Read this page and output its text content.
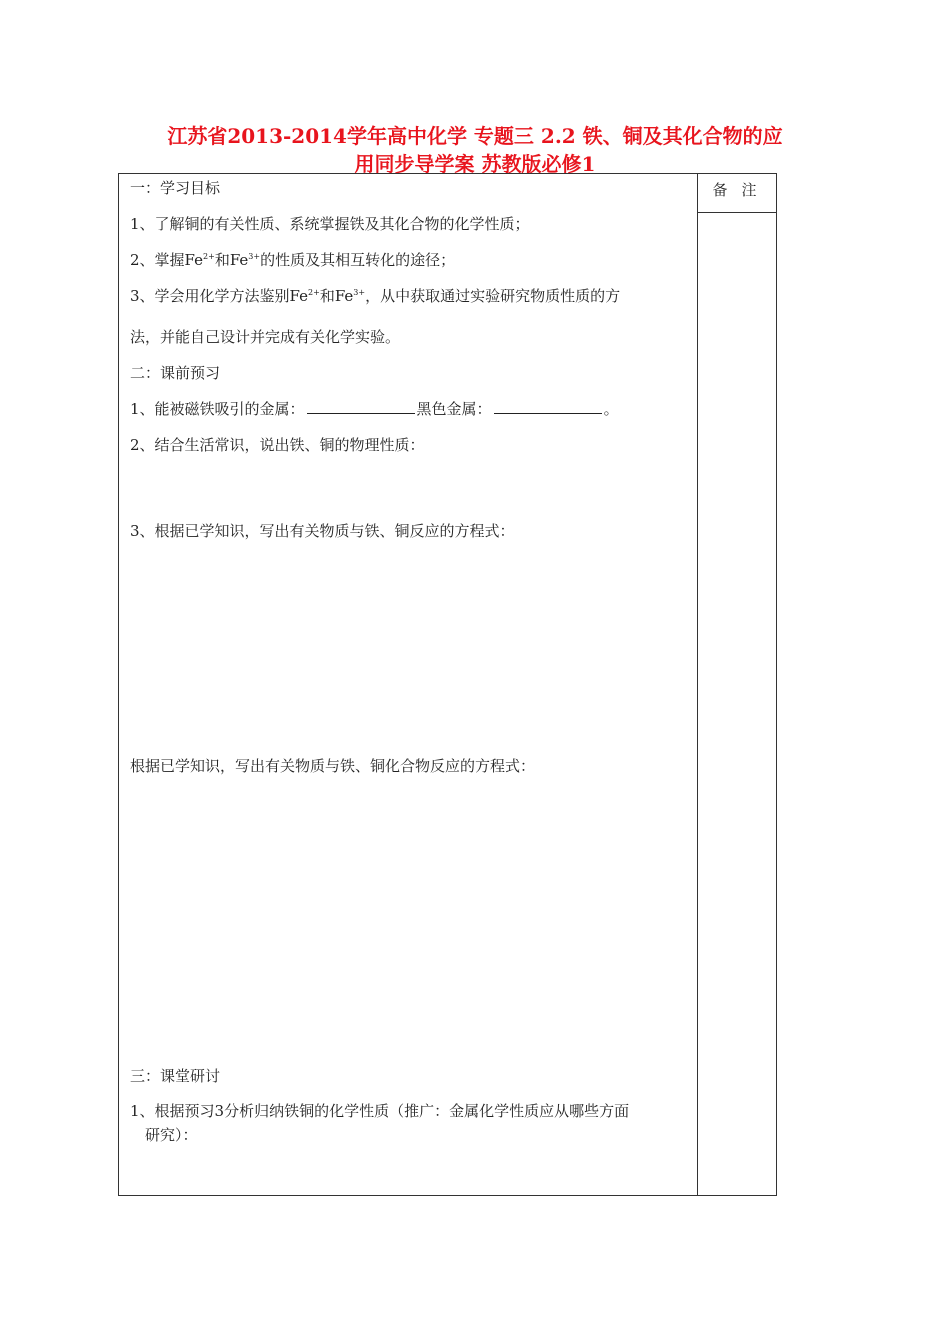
江苏省2013-2014学年高中化学 专题三 2.2 铁、铜及其化合物的应
用同步导学案 苏教版必修1
备注
一：学习目标
1、了解铜的有关性质、系统掌握铁及其化合物的化学性质；
2、掌握$Fe^{2+}$和$Fe^{3+}$的性质及其相互转化的途径；
3、学会用化学方法鉴别$Fe^{2+}$和$Fe^{3+}$，从中获取通过实验研究物质性质的方
法，并能自己设计并完成有关化学实验。
二：课前预习
1、能被磁铁吸引的金属：	黑色金属：	。
2、结合生活常识，说出铁、铜的物理性质：
3、根据已学知识，写出有关物质与铁、铜反应的方程式：
根据已学知识，写出有关物质与铁、铜化合物反应的方程式：
三：课堂研讨
1、根据预习3分析归纳铁铜的化学性质（推广：金属化学性质应从哪些方面
研究）：
